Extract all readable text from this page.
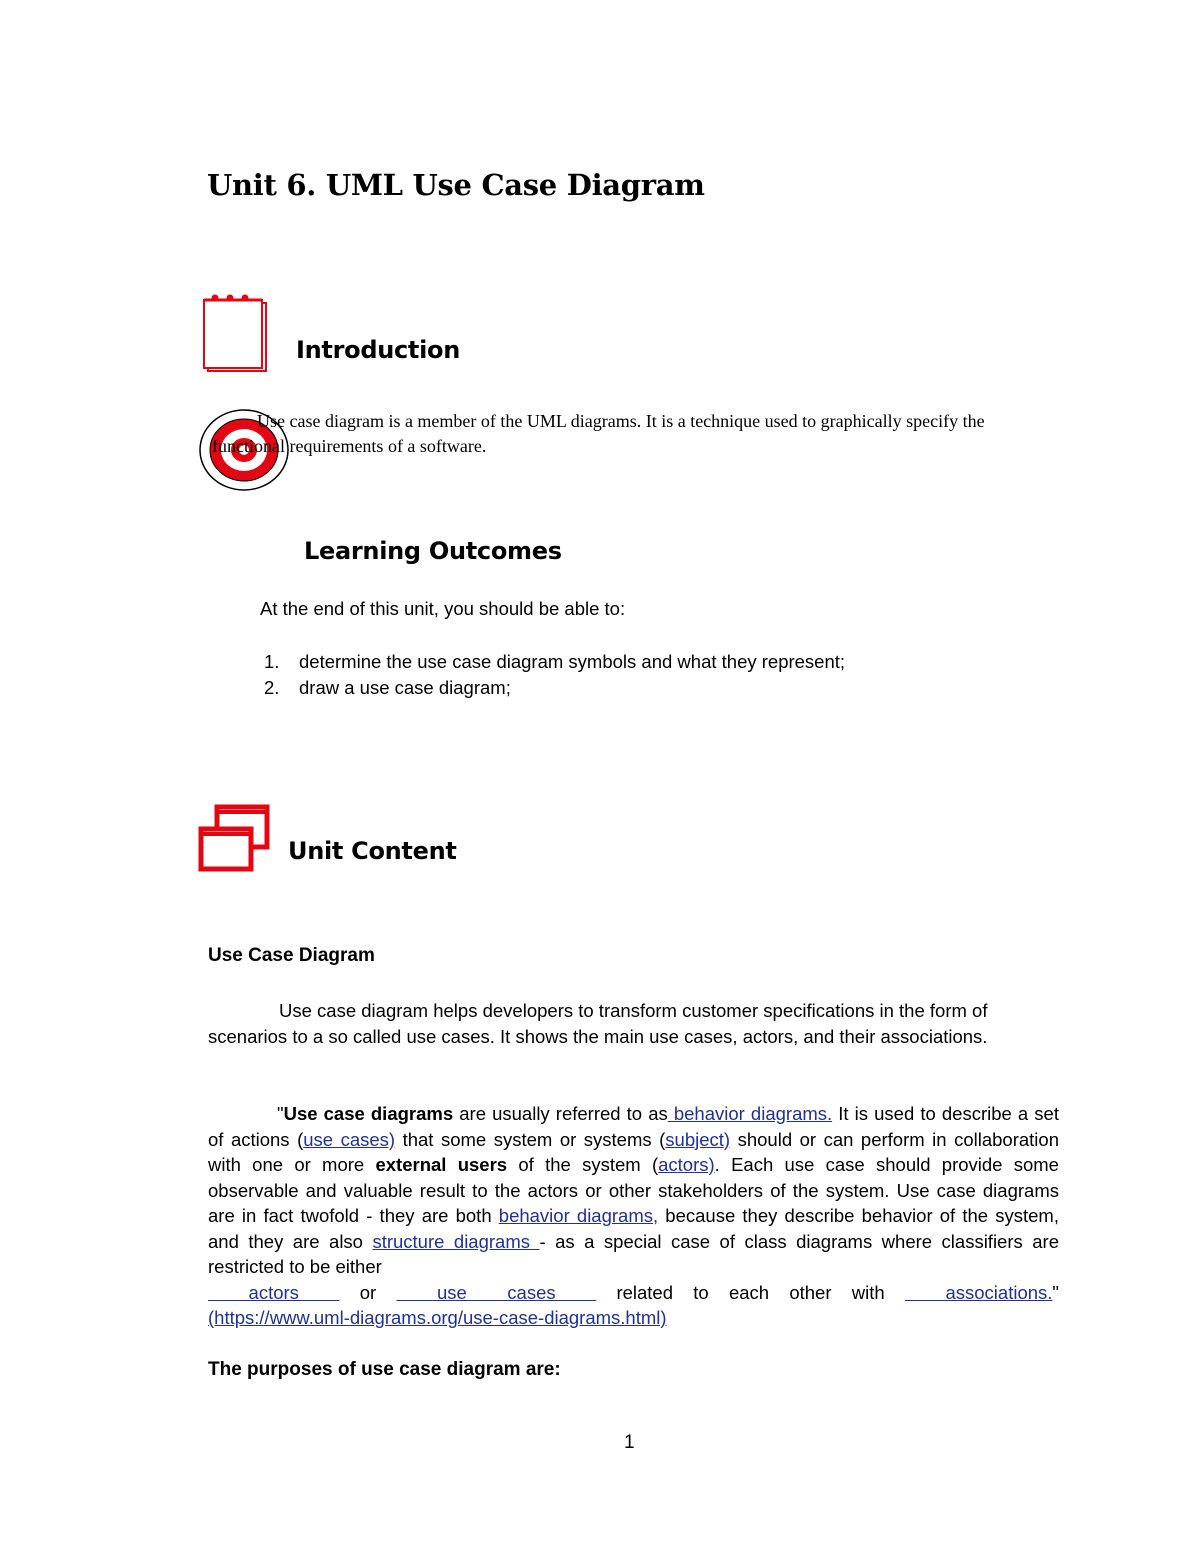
Unit 6. UML Use Case Diagram
Introduction
Use case diagram is a member of the UML diagrams. It is a technique used to graphically specify the functional requirements of a software.
Learning Outcomes
At the end of this unit, you should be able to:
1. determine the use case diagram symbols and what they represent;
2. draw a use case diagram;
Unit Content
Use Case Diagram
Use case diagram helps developers to transform customer specifications in the form of scenarios to a so called use cases. It shows the main use cases, actors, and their associations.
"Use case diagrams are usually referred to as behavior diagrams. It is used to describe a set of actions (use cases) that some system or systems (subject) should or can perform in collaboration with one or more external users of the system (actors). Each use case should provide some observable and valuable result to the actors or other stakeholders of the system. Use case diagrams are in fact twofold - they are both behavior diagrams, because they describe behavior of the system, and they are also structure diagrams - as a special case of class diagrams where classifiers are restricted to be either
actors   or   use  cases   related to each other with   associations."
(https://www.uml-diagrams.org/use-case-diagrams.html)
The purposes of use case diagram are:
1
